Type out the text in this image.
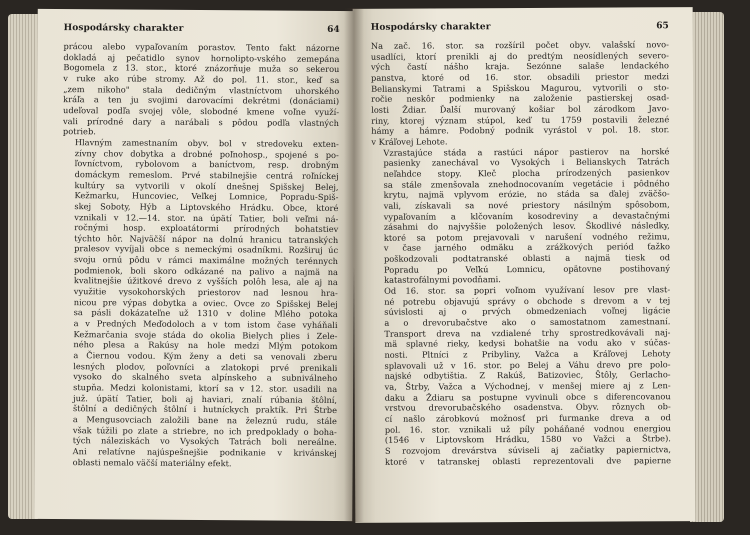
Hospodársky charakter	64

prácou alebo vypaľovaním porastov. Tento fakt názorne
dokladá aj pečatidlo synov hornolipto-vského zemepána
Bogomela z 13. stor., ktoré znázorňuje muža so sekerou
v ruke ako rúbe stromy. Až do pol. 11. stor., keď sa
„zem nikoho" stala dedičným vlastníctvom uhorského
kráľa a ten ju svojimi darovacími dekrétmi (donáciami)
udeľoval podľa svojej vôle, slobodné kmene voľne využí-
vali prírodné dary a narábali s pôdou podľa vlastných
potrieb.

Hlavným zamestnaním obyv. bol v stredoveku exten-
zívny chov dobytka a drobné poľnohosp., spojené s po-
ľovníctvom, rybolovom a baníctvom, resp. drobným
domáckym remeslom. Prvé stabilnejšie centrá roľníckej
kultúry sa vytvorili v okolí dnešnej Spišskej Belej,
Kežmarku, Huncoviec, Veľkej Lomnice, Popradu-Spiš-
skej Soboty, Hýb a Liptovského Hrádku. Obce, ktoré
vznikali v 12.—14. stor. na úpätí Tatier, boli veľmi ná-
ročnými hosp. exploatátormi prírodných bohatstiev
týchto hôr. Najväčší nápor na dolnú hranicu tatranských
pralesov vyvíjali obce s nemeckými osadníkmi. Rozširuj úc
svoju ornú pôdu v rámci maximálne možných terénnych
podmienok, boli skoro odkázané na palivo a najmä na
kvalitnejšie úžitkové drevo z vyšších polôh lesa, ale aj na
využitie vysokohorských priestorov nad lesnou hra-
nicou pre výpas dobytka a oviec. Ovce zo Spišskej Belej
sa pásli dokázateľne už 1310 v doline Mlého potoka
a v Predných Meďodoloch a v tom istom čase vyháňali
Kežmarčania svoje stáda do okolia Bielych plies i Zele-
ného plesa a Rakúsy na hole medzi Mlým potokom
a Čiernou vodou. Kým ženy a deti sa venovali zberu
lesných plodov, poľovníci a zlatokopi prvé prenikali
vysoko do skalného sveta alpínskeho a subniválneho
stupňa. Medzi kolonistami, ktorí sa v 12. stor. usadili na
juž. úpätí Tatier, boli aj haviari, znalí rúbania štôlní,
štôlní a dedičných štôlní i hutníckych praktík. Pri Štrbe
a Mengusovciach založili bane na železnú rudu, stále
však túžili po zlate a striebre, no ich predpoklady o boha-
tých náleziskách vo Vysokých Tatrách boli nereálne.
Ani relatívne najúspešnejšie podnikanie v krivánskej
oblasti nemalo väčší materiálny efekt.

Hospodársky charakter	65

Na zač. 16. stor. sa rozšíril počet obyv. valašskí novo-
usadlíci, ktorí prenikli aj do predtým neosídlených severo-
vých častí nášho kraja. Sezónne salaše lendackého
panstva, ktoré od 16. stor. obsadili priestor medzi
Belianskymi Tatrami a Spišskou Magurou, vytvorili o sto-
ročie neskôr podmienky na založenie pastierskej osad-
losti Ždiar. Ďalší murovaný košiar bol zárodkom Javo-
riny, ktorej význam stúpol, keď tu 1759 postavili železné
hámy a hámre. Podobný podnik vyrástol v pol. 18. stor.
v Kráľovej Lehote.

Vzrastajúce stáda a rastúci nápor pastierov na horské
pasienky zanechával vo Vysokých i Belianskych Tatrách
neľahdce stopy. Kleč plocha prírodzených pasienkov
sa stále zmenšovala znehodnocovaním vegetácie i pôdného
krytu, najmä vplyvom erózie, no stáda sa ďalej zväčšo-
vali, získavali sa nové priestory násilným spôsobom,
vypaľovaním a klčovaním kosodreviny a devastačnými
zásahmi do najvyššie položených lesov. Škodlivé následky,
ktoré sa potom prejavovali v narušení vodného režimu,
v čase jarného odmäku a zrážkových periód ťažko
poškodzovali podtatranské oblasti a najmä tiesk od
Popradu po Veľkú Lomnicu, opätovne postihovaný
katastrofálnymi povodňami.

Od 16. stor. sa popri voľnom využívaní lesov pre vlast-
né potrebu objavujú správy o obchode s drevom a v tej
súvislosti aj o prvých obmedzeniach voľnej ligácie
a o drevorubačstve ako o samostatnom zamestnaní.
Transport dreva na vzdialené trhy sprostredkovávali naj-
mä splavné rieky, kedysi bohatšie na vodu ako v súčas-
nosti. Pltníci z Pribyliny, Važca a Kráľovej Lehoty
splavovali už v 16. stor. po Belej a Váhu drevo pre polo-
najské odbytištia. Z Rakúš, Batizoviec, Štôly, Gerlacho-
va, Štrby, Važca a Východnej, v menšej miere aj z Len-
daku a Ždiaru sa postupne vyvinuli obce s diferencovanou
vrstvou drevorubačského osadenstva. Obyv. rôznych ob-
cí našlo zárobkovú možnosť pri furmanke dreva a od
pol. 16. stor. vznikali už píly poháňané vodnou energiou
(1546 v Liptovskom Hrádku, 1580 vo Važci a Štrbe).
S rozvojom drevárstva súviseli aj začiatky papiernictva,
ktoré v tatranskej oblasti reprezentovali dve papierne
